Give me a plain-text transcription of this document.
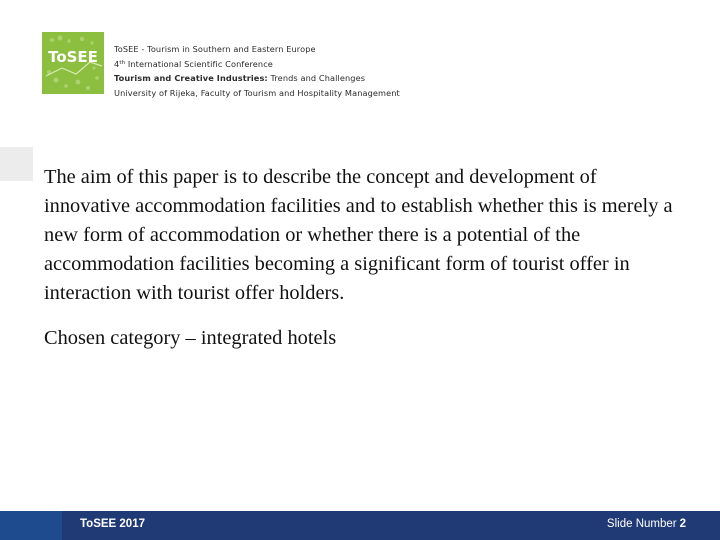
ToSEE ToSEE - Tourism in Southern and Eastern Europe
4th International Scientific Conference
Tourism and Creative Industries: Trends and Challenges
University of Rijeka, Faculty of Tourism and Hospitality Management

The aim of this paper is to describe the concept and development of innovative accommodation facilities and to establish whether this is merely a new form of accommodation or whether there is a potential of the accommodation facilities becoming a significant form of tourist offer in interaction with tourist offer holders.

Chosen category – integrated hotels

ToSEE 2017	Slide Number 2
